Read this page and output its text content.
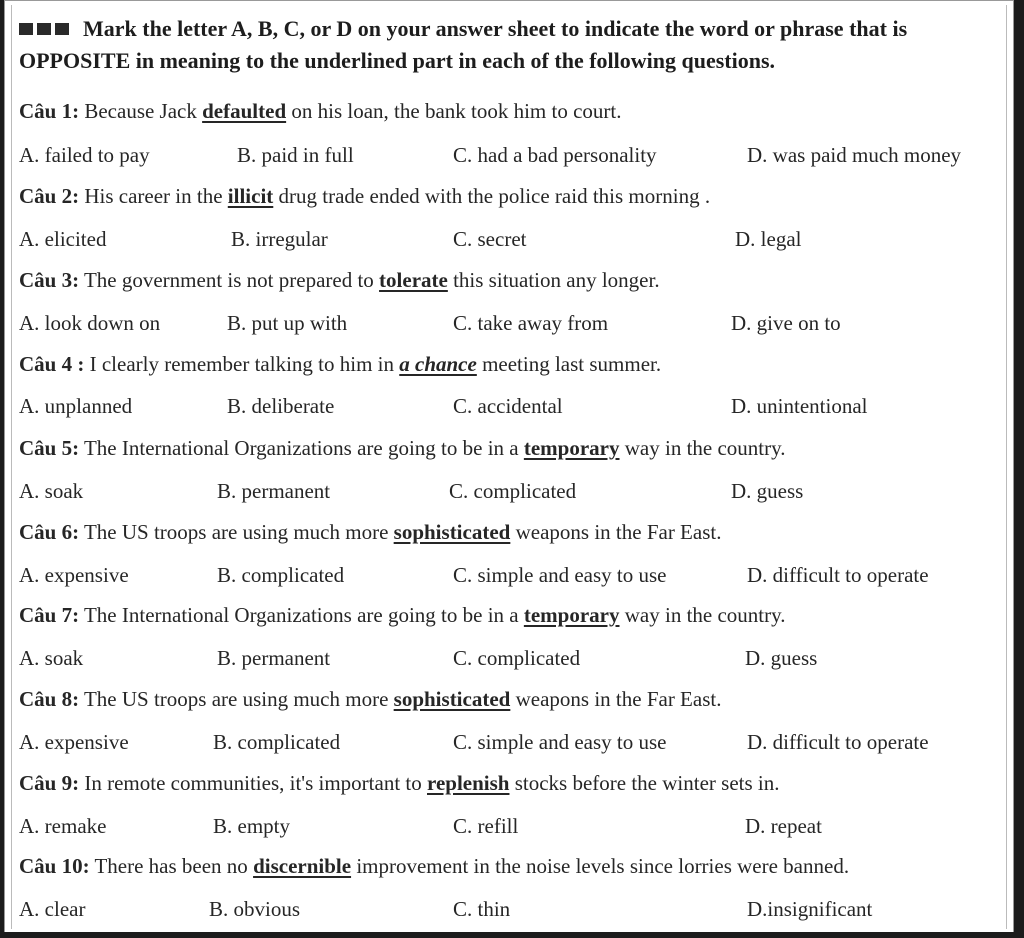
Mark the letter A, B, C, or D on your answer sheet to indicate the word or phrase that is
OPPOSITE in meaning to the underlined part in each of the following questions.
Câu 1: Because Jack defaulted on his loan, the bank took him to court.
A. failed to pay	B. paid in full	C. had a bad personality	D. was paid much money
Câu 2: His career in the illicit drug trade ended with the police raid this morning .
A. elicited	B. irregular	C. secret	D. legal
Câu 3: The government is not prepared to tolerate this situation any longer.
A. look down on	B. put up with	C. take away from	D. give on to
Câu 4 : I clearly remember talking to him in a chance meeting last summer.
A. unplanned	B. deliberate	C. accidental	D. unintentional
Câu 5: The International Organizations are going to be in a temporary way in the country.
A. soak	B. permanent	C. complicated	D. guess
Câu 6: The US troops are using much more sophisticated weapons in the Far East.
A. expensive	B. complicated	C. simple and easy to use	D. difficult to operate
Câu 7: The International Organizations are going to be in a temporary way in the country.
A. soak	B. permanent	C. complicated	D. guess
Câu 8: The US troops are using much more sophisticated weapons in the Far East.
A. expensive	B. complicated	C. simple and easy to use	D. difficult to operate
Câu 9: In remote communities, it's important to replenish stocks before the winter sets in.
A. remake	B. empty	C. refill	D. repeat
Câu 10: There has been no discernible improvement in the noise levels since lorries were banned.
A. clear	B. obvious	C. thin	D.insignificant
